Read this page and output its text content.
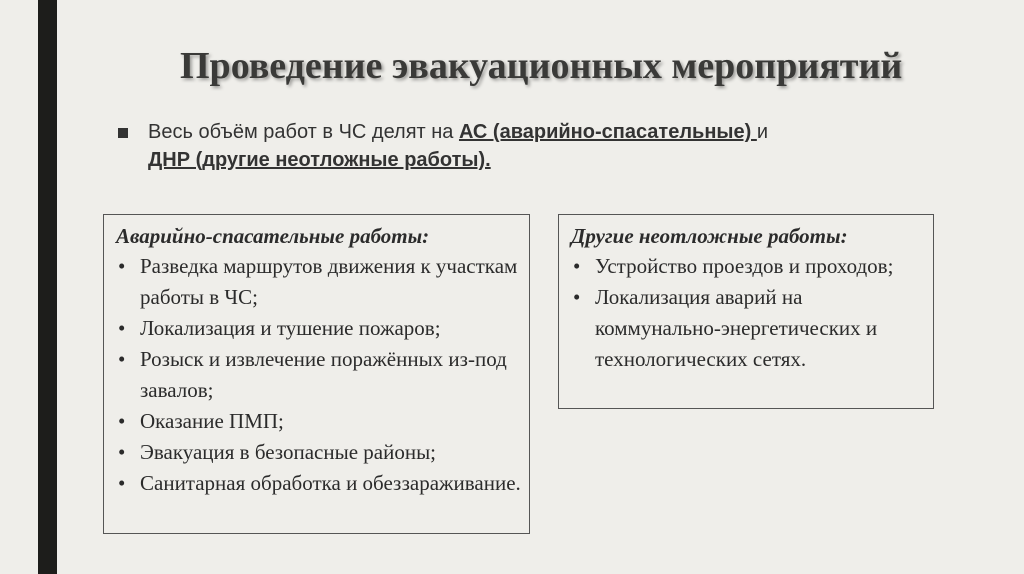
Проведение эвакуационных мероприятий
Весь объём работ в ЧС делят на АС (аварийно-спасательные) и
ДНР (другие неотложные работы).
Аварийно-спасательные работы:
• Разведка маршрутов движения к участкам работы в ЧС;
• Локализация и тушение пожаров;
• Розыск и извлечение поражённых из-под завалов;
• Оказание ПМП;
• Эвакуация в безопасные районы;
• Санитарная обработка и обеззараживание.
Другие неотложные работы:
• Устройство проездов и проходов;
• Локализация аварий на коммунально-энергетических и технологических сетях.
